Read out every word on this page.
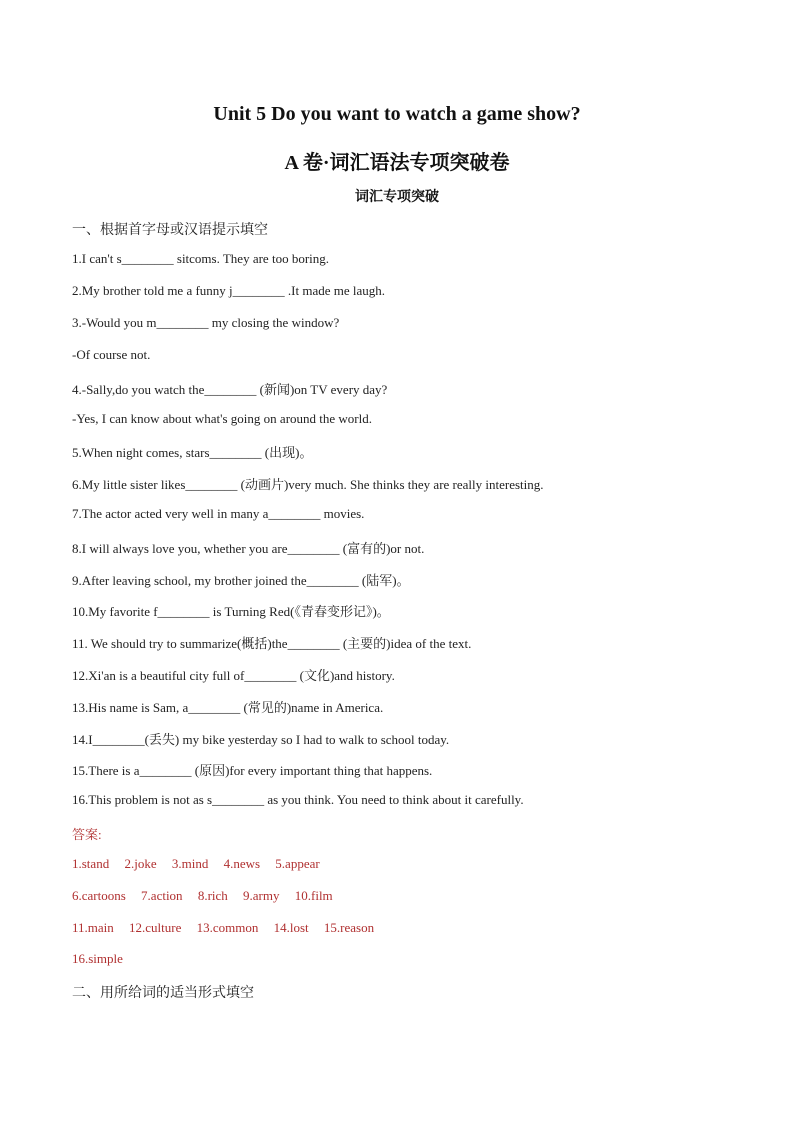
Unit 5 Do you want to watch a game show?
A 卷·词汇语法专项突破卷
词汇专项突破
一、根据首字母或汉语提示填空
1.I can't s________ sitcoms. They are too boring.
2.My brother told me a funny j________ .It made me laugh.
3.-Would you m________ my closing the window?
-Of course not.
4.-Sally,do you watch the________ (新闻)on TV every day?
-Yes, I can know about what's going on around the world.
5.When night comes, stars________ (出现)。
6.My little sister likes________ (动画片)very much. She thinks they are really interesting.
7.The actor acted very well in many a________ movies.
8.I will always love you, whether you are________ (富有的)or not.
9.After leaving school, my brother joined the________ (陆军)。
10.My favorite f________ is Turning Red(《青春变形记》)。
11. We should try to summarize(概括)the________ (主要的)idea of the text.
12.Xi'an is a beautiful city full of________ (文化)and history.
13.His name is Sam, a________ (常见的)name in America.
14.I________(丢失) my bike yesterday so I had to walk to school today.
15.There is a________ (原因)for every important thing that happens.
16.This problem is not as s________ as you think. You need to think about it carefully.
答案:
1.stand 2.joke 3.mind 4.news 5.appear
6.cartoons 7.action 8.rich 9.army 10.film
11.main 12.culture 13.common 14.lost 15.reason
16.simple
二、用所给词的适当形式填空
